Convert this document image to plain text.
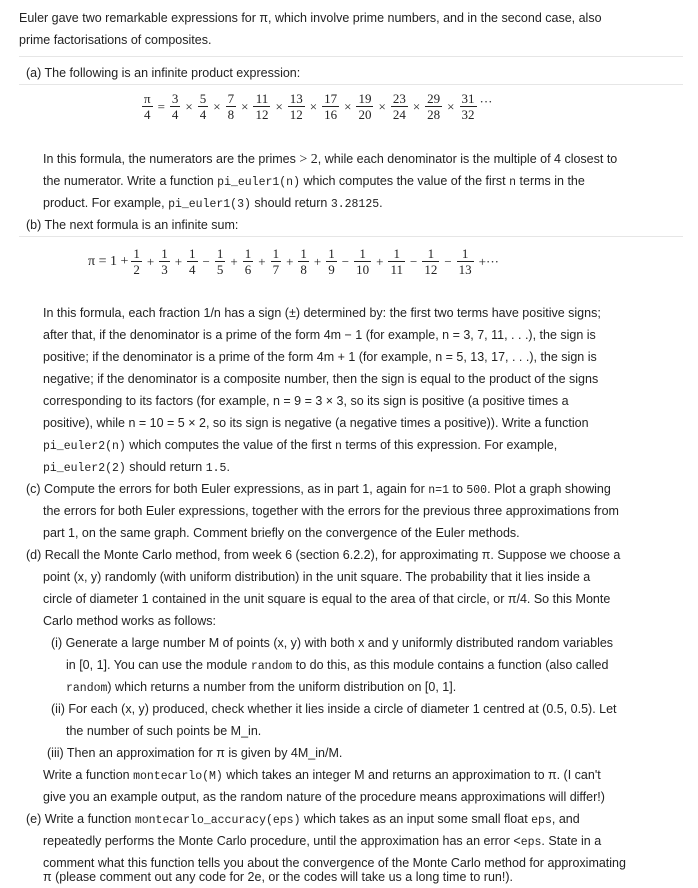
Euler gave two remarkable expressions for π, which involve prime numbers, and in the second case, also
prime factorisations of composites.
(a) The following is an infinite product expression:
$\frac{\pi}{4} = \frac{3}{4} \times \frac{5}{4} \times \frac{7}{8} \times \frac{11}{12} \times \frac{13}{12} \times \frac{17}{16} \times \frac{19}{20} \times \frac{23}{24} \times \frac{29}{28} \times \frac{31}{32}$ ···
In this formula, the numerators are the primes > 2, while each denominator is the multiple of 4 closest to
the numerator. Write a function pi_euler1(n) which computes the value of the first n terms in the
product. For example, pi_euler1(3) should return 3.28125.
(b) The next formula is an infinite sum:
$\pi = 1 + \frac{1}{2} + \frac{1}{3} + \frac{1}{4} - \frac{1}{5} + \frac{1}{6} + \frac{1}{7} + \frac{1}{8} + \frac{1}{9} - \frac{1}{10} + \frac{1}{11} - \frac{1}{12} - \frac{1}{13}$ +···
In this formula, each fraction 1/n has a sign (±) determined by: the first two terms have positive signs;
after that, if the denominator is a prime of the form 4m − 1 (for example, n = 3, 7, 11, . . .), the sign is
positive; if the denominator is a prime of the form 4m + 1 (for example, n = 5, 13, 17, . . .), the sign is
negative; if the denominator is a composite number, then the sign is equal to the product of the signs
corresponding to its factors (for example, n = 9 = 3 × 3, so its sign is positive (a positive times a
positive), while n = 10 = 5 × 2, so its sign is negative (a negative times a positive)). Write a function
pi_euler2(n) which computes the value of the first n terms of this expression. For example,
pi_euler2(2) should return 1.5.
(c) Compute the errors for both Euler expressions, as in part 1, again for n=1 to 500. Plot a graph showing
the errors for both Euler expressions, together with the errors for the previous three approximations from
part 1, on the same graph. Comment briefly on the convergence of the Euler methods.
(d) Recall the Monte Carlo method, from week 6 (section 6.2.2), for approximating π. Suppose we choose a
point (x, y) randomly (with uniform distribution) in the unit square. The probability that it lies inside a
circle of diameter 1 contained in the unit square is equal to the area of that circle, or π/4. So this Monte
Carlo method works as follows:
(i) Generate a large number M of points (x, y) with both x and y uniformly distributed random variables
in [0, 1]. You can use the module random to do this, as this module contains a function (also called
random) which returns a number from the uniform distribution on [0, 1].
(ii) For each (x, y) produced, check whether it lies inside a circle of diameter 1 centred at (0.5, 0.5). Let
the number of such points be M_in.
(iii) Then an approximation for π is given by 4M_in/M.
Write a function montecarlo(M) which takes an integer M and returns an approximation to π. (I can't
give you an example output, as the random nature of the procedure means approximations will differ!)
(e) Write a function montecarlo_accuracy(eps) which takes as an input some small float eps, and
repeatedly performs the Monte Carlo procedure, until the approximation has an error <eps. State in a
comment what this function tells you about the convergence of the Monte Carlo method for approximating
π (please comment out any code for 2e, or the codes will take us a long time to run!).
